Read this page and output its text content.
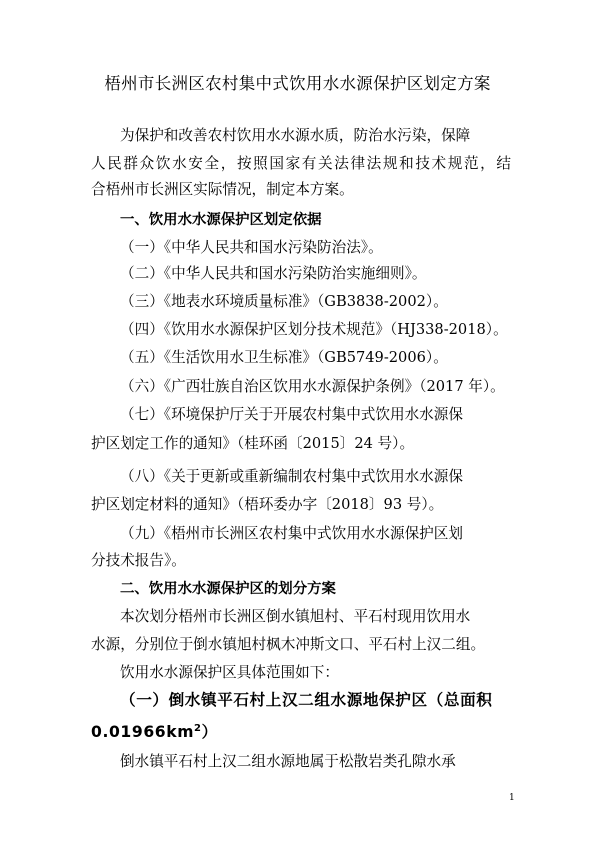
梧州市长洲区农村集中式饮用水水源保护区划定方案
为保护和改善农村饮用水水源水质，防治水污染，保障
人民群众饮水安全，按照国家有关法律法规和技术规范，结
合梧州市长洲区实际情况，制定本方案。
一、饮用水水源保护区划定依据
（一）《中华人民共和国水污染防治法》。
（二）《中华人民共和国水污染防治实施细则》。
（三）《地表水环境质量标准》（GB3838-2002）。
（四）《饮用水水源保护区划分技术规范》（HJ338-2018）。
（五）《生活饮用水卫生标准》（GB5749-2006）。
（六）《广西壮族自治区饮用水水源保护条例》（2017 年）。
（七）《环境保护厅关于开展农村集中式饮用水水源保
护区划定工作的通知》（桂环函〔2015〕24 号）。
（八）《关于更新或重新编制农村集中式饮用水水源保
护区划定材料的通知》（梧环委办字〔2018〕93 号）。
（九）《梧州市长洲区农村集中式饮用水水源保护区划
分技术报告》。
二、饮用水水源保护区的划分方案
本次划分梧州市长洲区倒水镇旭村、平石村现用饮用水
水源，分别位于倒水镇旭村枫木冲斯文口、平石村上汉二组。
饮用水水源保护区具体范围如下：
（一）倒水镇平石村上汉二组水源地保护区（总面积
$0.01966km^2$）
倒水镇平石村上汉二组水源地属于松散岩类孔隙水承
1
